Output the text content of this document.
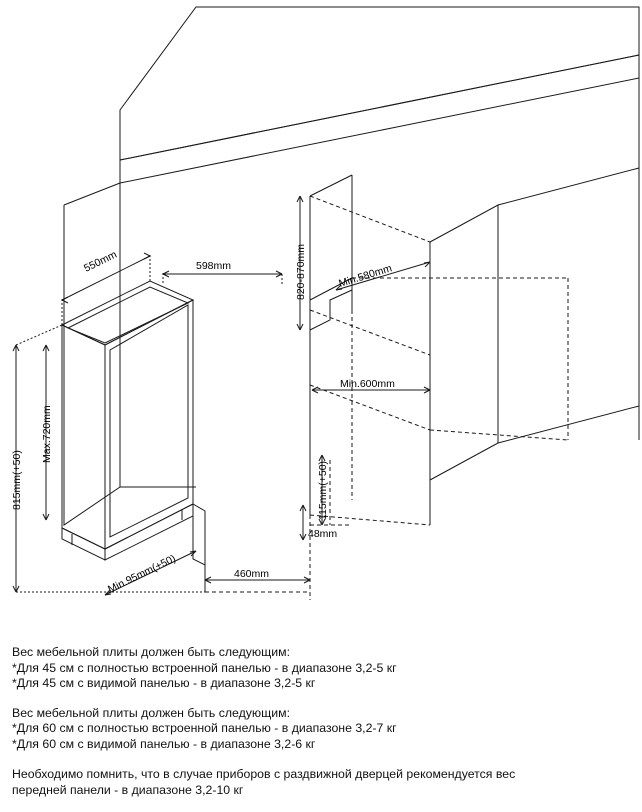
550mm	598mm	820-870mm	Min.580mm
Min.600mm
Max.720mm
815mm(+50)
Min.95mm(+50)	460mm
115mm(+50)
48mm
Вес мебельной плиты должен быть следующим:
*Для 45 см с полностью встроенной панелью - в диапазоне 3,2-5 кг
*Для 45 см с видимой панелью - в диапазоне 3,2-5 кг
Вес мебельной плиты должен быть следующим:
*Для 60 см с полностью встроенной панелью - в диапазоне 3,2-7 кг
*Для 60 см с видимой панелью - в диапазоне 3,2-6 кг
Необходимо помнить, что в случае приборов с раздвижной дверцей рекомендуется вес
передней панели - в диапазоне 3,2-10 кг
